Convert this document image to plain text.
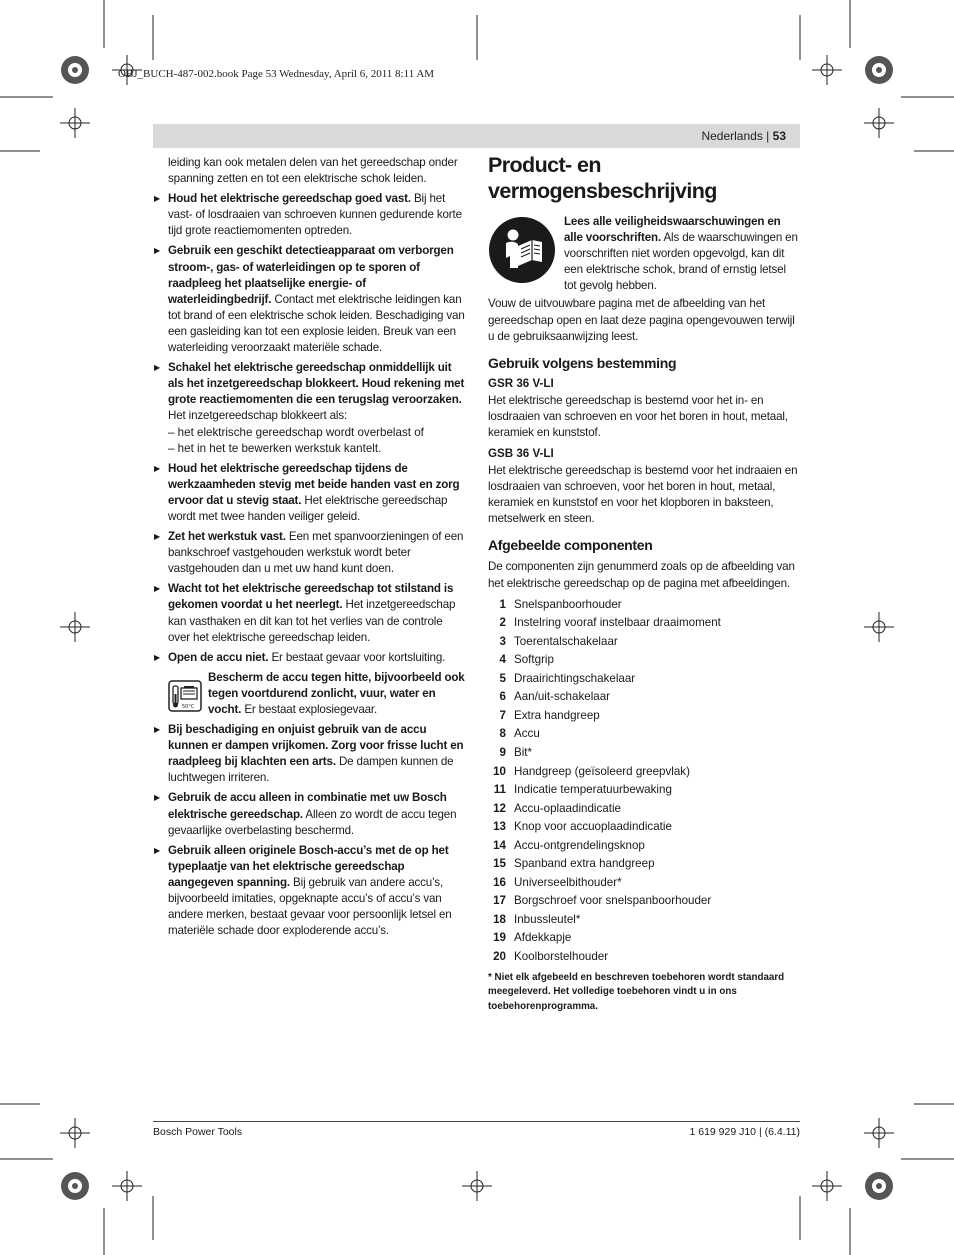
OBJ_BUCH-487-002.book Page 53 Wednesday, April 6, 2011 8:11 AM
Nederlands | 53

leiding kan ook metalen delen van het gereedschap onder spanning zetten en tot een elektrische schok leiden.

▶ Houd het elektrische gereedschap goed vast. Bij het vast- of losdraaien van schroeven kunnen gedurende korte tijd grote reactiemomenten optreden.
▶ Gebruik een geschikt detectieapparaat om verborgen stroom-, gas- of waterleidingen op te sporen of raadpleeg het plaatselijke energie- of waterleidingbedrijf. Contact met elektrische leidingen kan tot brand of een elektrische schok leiden. Beschadiging van een gasleiding kan tot een explosie leiden. Breuk van een waterleiding veroorzaakt materiële schade.
▶ Schakel het elektrische gereedschap onmiddellijk uit als het inzetgereedschap blokkeert. Houd rekening met grote reactiemomenten die een terugslag veroorzaken. Het inzetgereedschap blokkeert als:
– het elektrische gereedschap wordt overbelast of
– het in het te bewerken werkstuk kantelt.
▶ Houd het elektrische gereedschap tijdens de werkzaamheden stevig met beide handen vast en zorg ervoor dat u stevig staat. Het elektrische gereedschap wordt met twee handen veiliger geleid.
▶ Zet het werkstuk vast. Een met spanvoorzieningen of een bankschroef vastgehouden werkstuk wordt beter vastgehouden dan u met uw hand kunt doen.
▶ Wacht tot het elektrische gereedschap tot stilstand is gekomen voordat u het neerlegt. Het inzetgereedschap kan vasthaken en dit kan tot het verlies van de controle over het elektrische gereedschap leiden.
▶ Open de accu niet. Er bestaat gevaar voor kortsluiting.
50°C
Bescherm de accu tegen hitte, bijvoorbeeld ook tegen voortdurend zonlicht, vuur, water en vocht. Er bestaat explosiegevaar.
▶ Bij beschadiging en onjuist gebruik van de accu kunnen er dampen vrijkomen. Zorg voor frisse lucht en raadpleeg bij klachten een arts. De dampen kunnen de luchtwegen irriteren.
▶ Gebruik de accu alleen in combinatie met uw Bosch elektrische gereedschap. Alleen zo wordt de accu tegen gevaarlijke overbelasting beschermd.
▶ Gebruik alleen originele Bosch-accu’s met de op het typeplaatje van het elektrische gereedschap aangegeven spanning. Bij gebruik van andere accu’s, bijvoorbeeld imitaties, opgeknapte accu’s of accu’s van andere merken, bestaat gevaar voor persoonlijk letsel en materiële schade door exploderende accu’s.
Product- en vermogensbeschrijving

Lees alle veiligheidswaarschuwingen en alle voorschriften. Als de waarschuwingen en voorschriften niet worden opgevolgd, kan dit een elektrische schok, brand of ernstig letsel tot gevolg hebben.

Vouw de uitvouwbare pagina met de afbeelding van het gereedschap open en laat deze pagina opengevouwen terwijl u de gebruiksaanwijzing leest.

Gebruik volgens bestemming
GSR 36 V-LI

Het elektrische gereedschap is bestemd voor het in- en losdraaien van schroeven en voor het boren in hout, metaal, keramiek en kunststof.

GSB 36 V-LI

Het elektrische gereedschap is bestemd voor het indraaien en losdraaien van schroeven, voor het boren in hout, metaal, keramiek en kunststof en voor het klopboren in baksteen, metselwerk en steen.

Afgebeelde componenten

De componenten zijn genummerd zoals op de afbeelding van het elektrische gereedschap op de pagina met afbeeldingen.

1 Snelspanboorhouder
2 Instelring vooraf instelbaar draaimoment
3 Toerentalschakelaar
4 Softgrip
5 Draairichtingschakelaar
6 Aan/uit-schakelaar
7 Extra handgreep
8 Accu
9 Bit*
10 Handgreep (geïsoleerd greepvlak)
11 Indicatie temperatuurbewaking
12 Accu-oplaadindicatie
13 Knop voor accuoplaadindicatie
14 Accu-ontgrendelingsknop
15 Spanband extra handgreep
16 Universeelbithouder*
17 Borgschroef voor snelspanboorhouder
18 Inbussleutel*
19 Afdekkapje
20 Koolborstelhouder
* Niet elk afgebeeld en beschreven toebehoren wordt standaard meegeleverd. Het volledige toebehoren vindt u in ons toebehorenprogramma.
Bosch Power Tools	1 619 929 J10 | (6.4.11)
